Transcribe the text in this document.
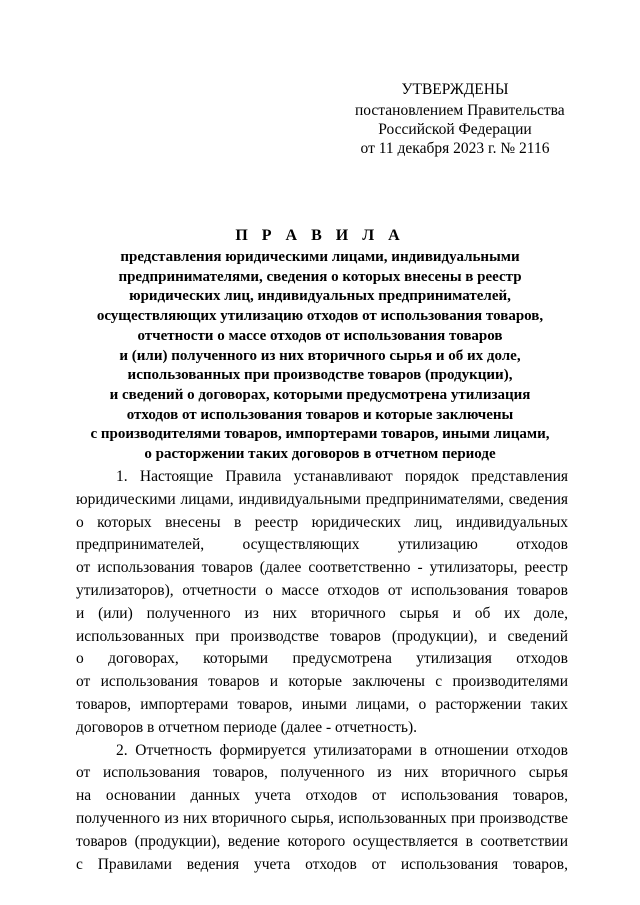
УТВЕРЖДЕНЫ
постановлением Правительства
Российской Федерации
от 11 декабря 2023 г. № 2116
П Р А В И Л А
представления юридическими лицами, индивидуальными
предпринимателями, сведения о которых внесены в реестр
юридических лиц, индивидуальных предпринимателей,
осуществляющих утилизацию отходов от использования товаров,
отчетности о массе отходов от использования товаров
и (или) полученного из них вторичного сырья и об их доле,
использованных при производстве товаров (продукции),
и сведений о договорах, которыми предусмотрена утилизация
отходов от использования товаров и которые заключены
с производителями товаров, импортерами товаров, иными лицами,
о расторжении таких договоров в отчетном периоде
1. Настоящие Правила устанавливают порядок представления
юридическими лицами, индивидуальными предпринимателями, сведения
о которых внесены в реестр юридических лиц, индивидуальных
предпринимателей, осуществляющих утилизацию отходов
от использования товаров (далее соответственно - утилизаторы, реестр
утилизаторов), отчетности о массе отходов от использования товаров
и (или) полученного из них вторичного сырья и об их доле,
использованных при производстве товаров (продукции), и сведений
о договорах, которыми предусмотрена утилизация отходов
от использования товаров и которые заключены с производителями
товаров, импортерами товаров, иными лицами, о расторжении таких
договоров в отчетном периоде (далее - отчетность).
2. Отчетность формируется утилизаторами в отношении отходов
от использования товаров, полученного из них вторичного сырья
на основании данных учета отходов от использования товаров,
полученного из них вторичного сырья, использованных при производстве
товаров (продукции), ведение которого осуществляется в соответствии
с Правилами ведения учета отходов от использования товаров,
